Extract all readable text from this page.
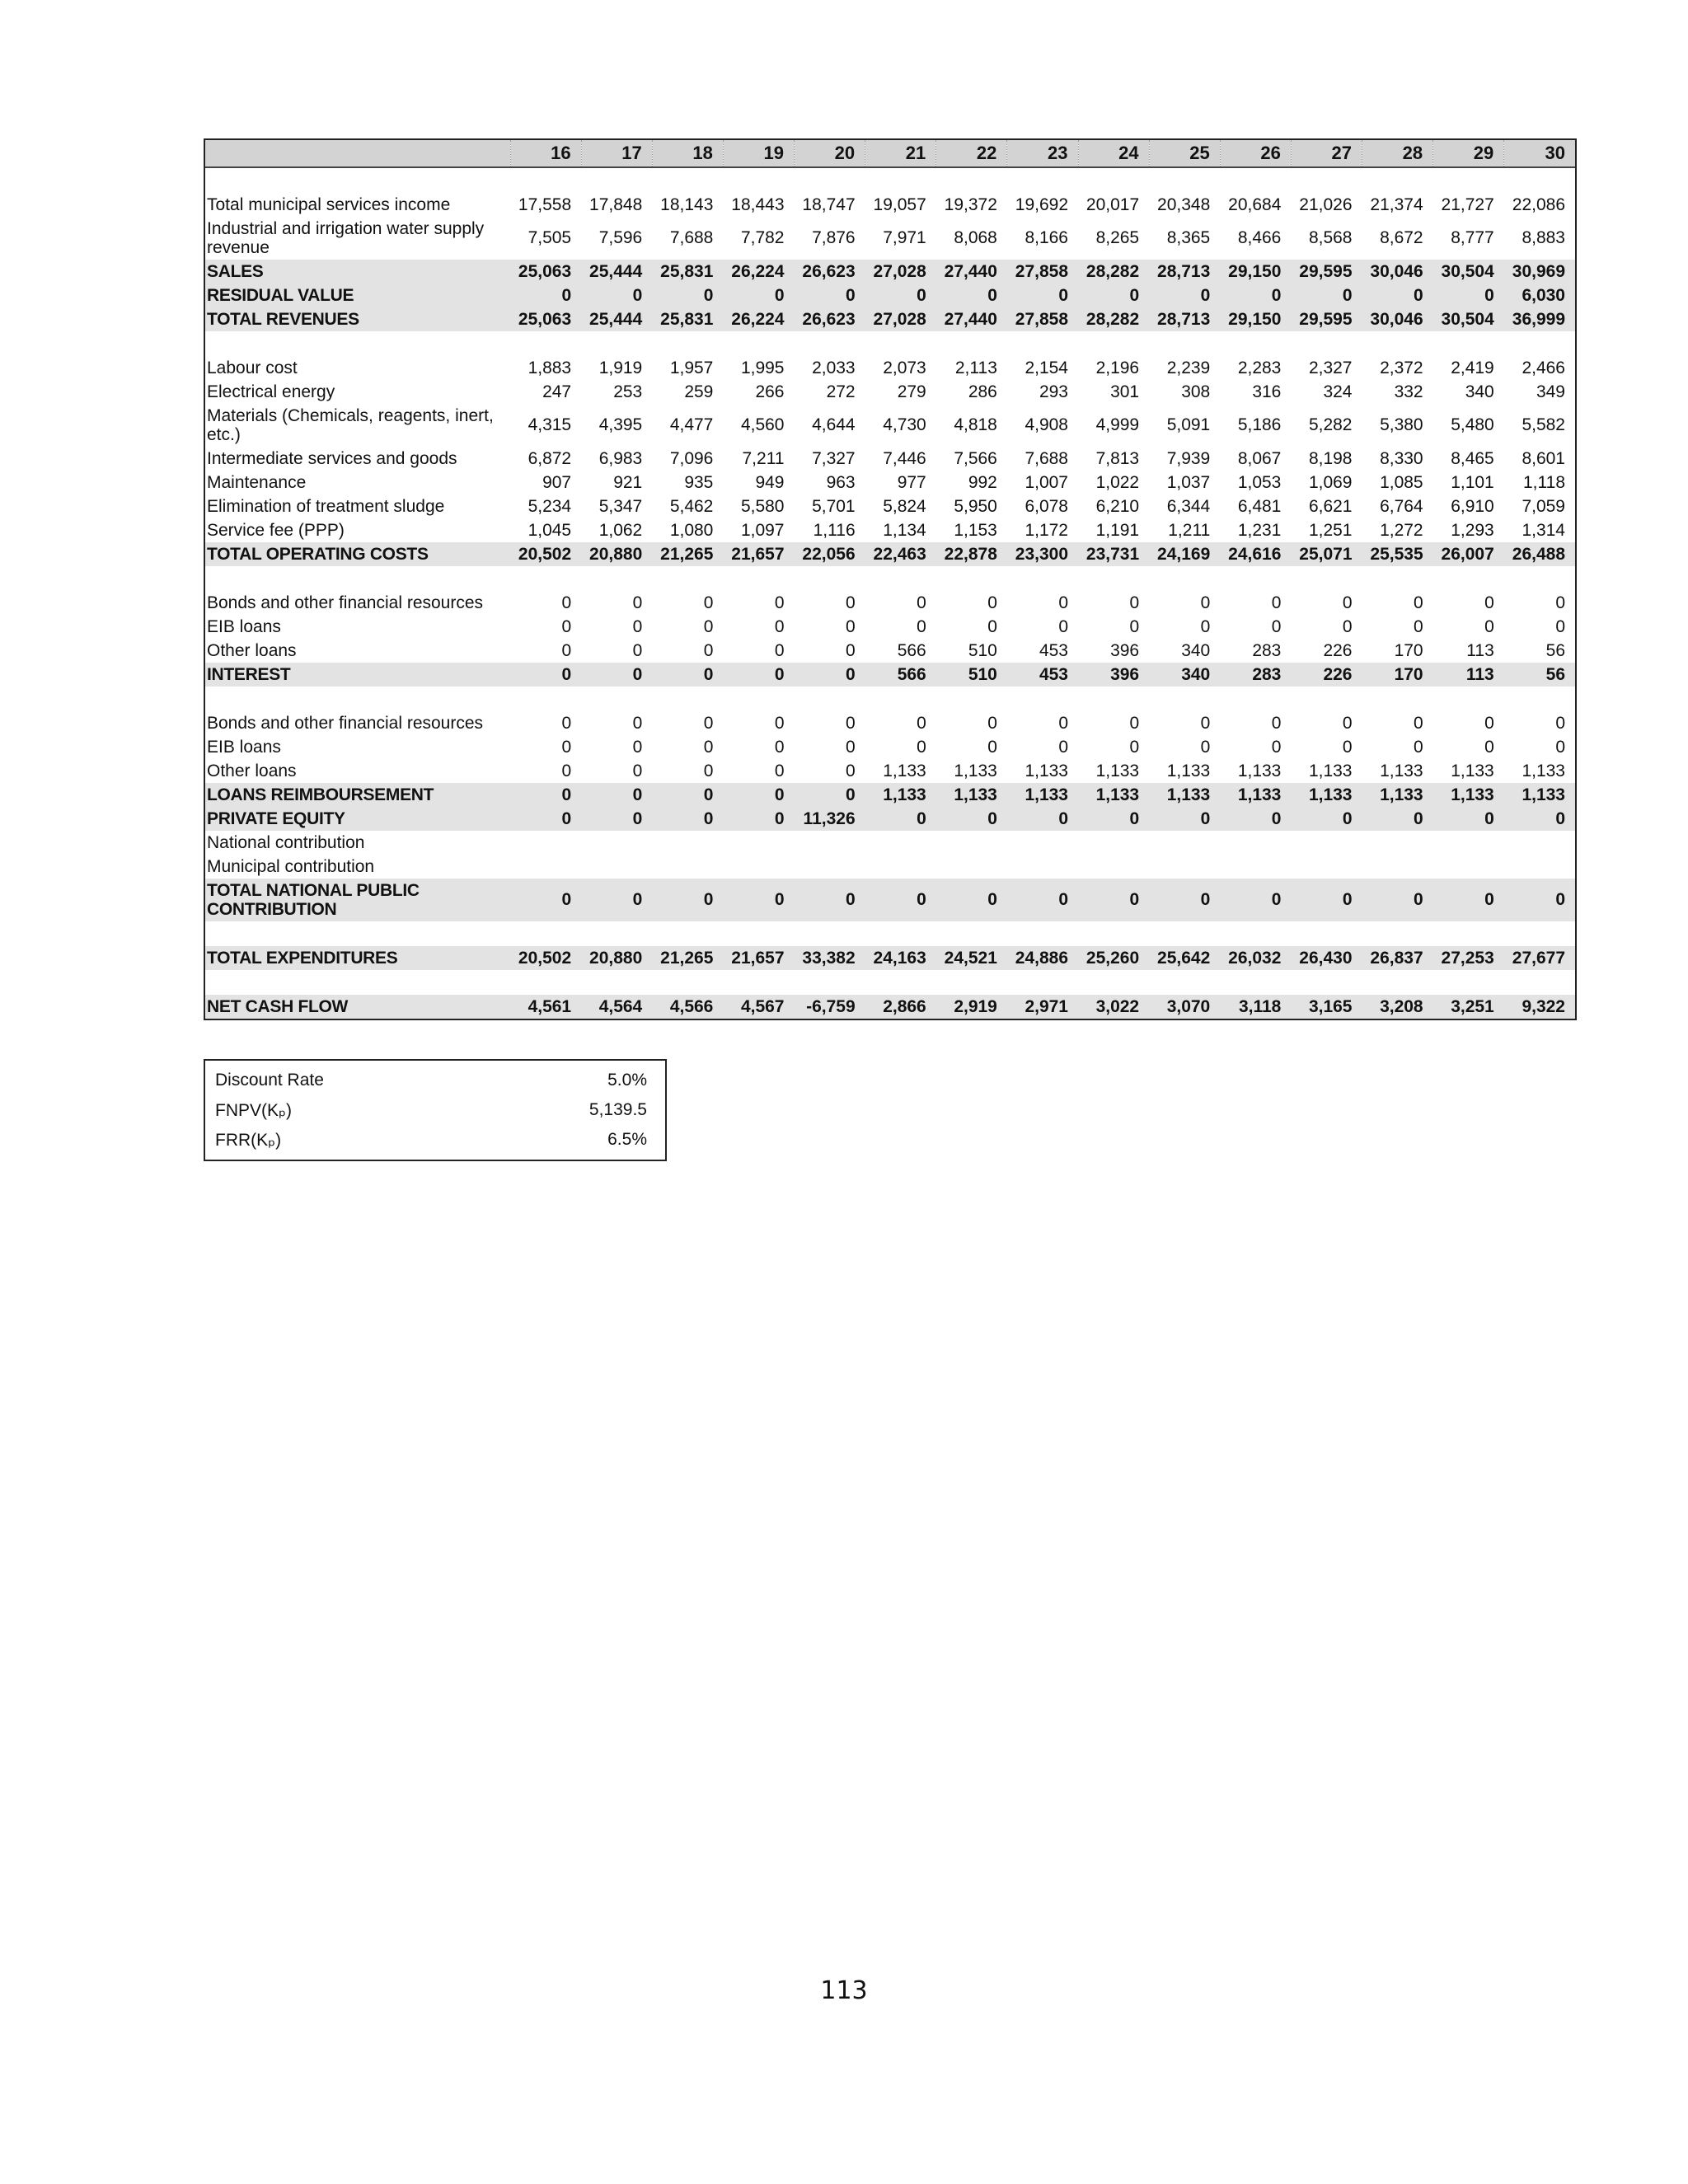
	16	17	18	19	20	21	22	23	24	25	26	27	28	29	30

Total municipal services income	17,558	17,848	18,143	18,443	18,747	19,057	19,372	19,692	20,017	20,348	20,684	21,026	21,374	21,727	22,086
Industrial and irrigation water supply revenue	7,505	7,596	7,688	7,782	7,876	7,971	8,068	8,166	8,265	8,365	8,466	8,568	8,672	8,777	8,883
SALES	25,063	25,444	25,831	26,224	26,623	27,028	27,440	27,858	28,282	28,713	29,150	29,595	30,046	30,504	30,969
RESIDUAL VALUE	0	0	0	0	0	0	0	0	0	0	0	0	0	0	6,030
TOTAL REVENUES	25,063	25,444	25,831	26,224	26,623	27,028	27,440	27,858	28,282	28,713	29,150	29,595	30,046	30,504	36,999

Labour cost	1,883	1,919	1,957	1,995	2,033	2,073	2,113	2,154	2,196	2,239	2,283	2,327	2,372	2,419	2,466
Electrical energy	247	253	259	266	272	279	286	293	301	308	316	324	332	340	349
Materials (Chemicals, reagents, inert, etc.)	4,315	4,395	4,477	4,560	4,644	4,730	4,818	4,908	4,999	5,091	5,186	5,282	5,380	5,480	5,582
Intermediate services and goods	6,872	6,983	7,096	7,211	7,327	7,446	7,566	7,688	7,813	7,939	8,067	8,198	8,330	8,465	8,601
Maintenance	907	921	935	949	963	977	992	1,007	1,022	1,037	1,053	1,069	1,085	1,101	1,118
Elimination of treatment sludge	5,234	5,347	5,462	5,580	5,701	5,824	5,950	6,078	6,210	6,344	6,481	6,621	6,764	6,910	7,059
Service fee (PPP)	1,045	1,062	1,080	1,097	1,116	1,134	1,153	1,172	1,191	1,211	1,231	1,251	1,272	1,293	1,314
TOTAL OPERATING COSTS	20,502	20,880	21,265	21,657	22,056	22,463	22,878	23,300	23,731	24,169	24,616	25,071	25,535	26,007	26,488

Bonds and other financial resources	0	0	0	0	0	0	0	0	0	0	0	0	0	0	0
EIB loans	0	0	0	0	0	0	0	0	0	0	0	0	0	0	0
Other loans	0	0	0	0	0	566	510	453	396	340	283	226	170	113	56
INTEREST	0	0	0	0	0	566	510	453	396	340	283	226	170	113	56

Bonds and other financial resources	0	0	0	0	0	0	0	0	0	0	0	0	0	0	0
EIB loans	0	0	0	0	0	0	0	0	0	0	0	0	0	0	0
Other loans	0	0	0	0	0	1,133	1,133	1,133	1,133	1,133	1,133	1,133	1,133	1,133	1,133
LOANS REIMBOURSEMENT	0	0	0	0	0	1,133	1,133	1,133	1,133	1,133	1,133	1,133	1,133	1,133	1,133
PRIVATE EQUITY	0	0	0	0	11,326	0	0	0	0	0	0	0	0	0	0
National contribution															
Municipal contribution															
TOTAL NATIONAL PUBLIC CONTRIBUTION	0	0	0	0	0	0	0	0	0	0	0	0	0	0	0

TOTAL EXPENDITURES	20,502	20,880	21,265	21,657	33,382	24,163	24,521	24,886	25,260	25,642	26,032	26,430	26,837	27,253	27,677

NET CASH FLOW	4,561	4,564	4,566	4,567	-6,759	2,866	2,919	2,971	3,022	3,070	3,118	3,165	3,208	3,251	9,322
Discount Rate	5.0%
FNPV(Kₚ)	5,139.5
FRR(Kₚ)	6.5%
113
